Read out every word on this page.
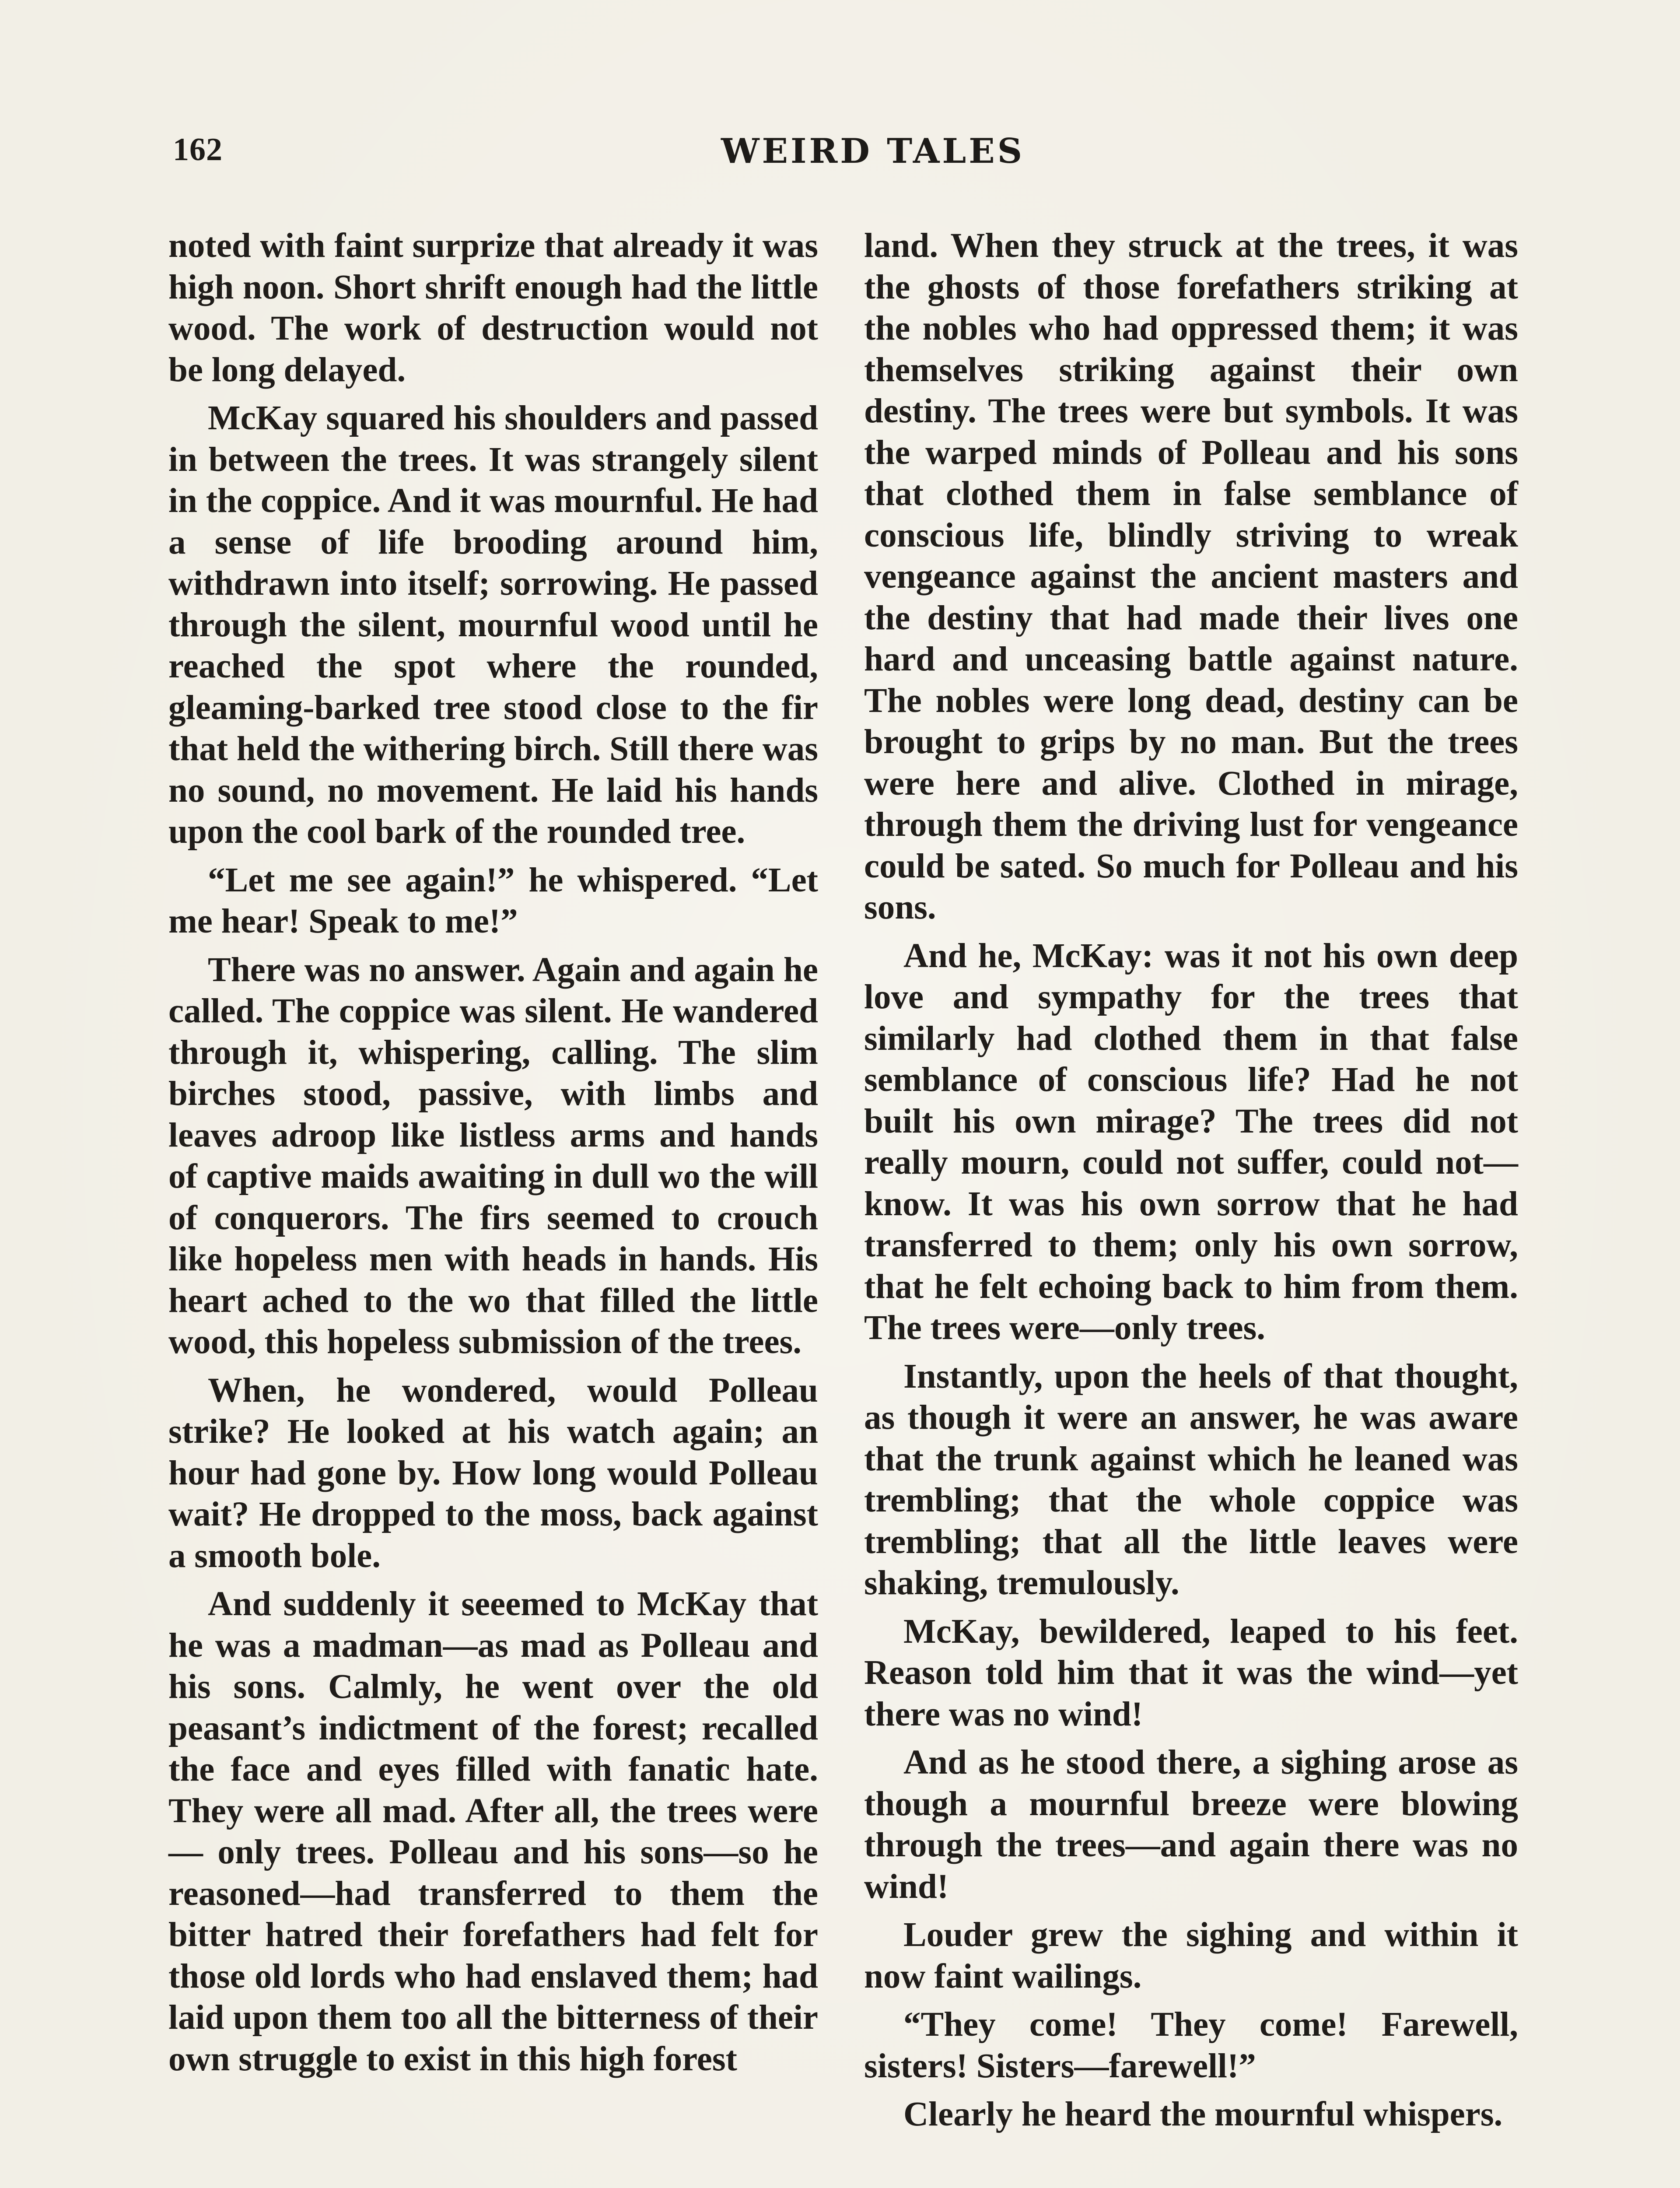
162	WEIRD TALES

noted with faint surprize that already it was high noon. Short shrift enough had the little wood. The work of destruction would not be long delayed.

McKay squared his shoulders and passed in between the trees. It was strangely silent in the coppice. And it was mournful. He had a sense of life brooding around him, withdrawn into itself; sorrowing. He passed through the silent, mournful wood until he reached the spot where the rounded, gleaming-barked tree stood close to the fir that held the withering birch. Still there was no sound, no movement. He laid his hands upon the cool bark of the rounded tree.

“Let me see again!” he whispered. “Let me hear! Speak to me!”

There was no answer. Again and again he called. The coppice was silent. He wandered through it, whispering, calling. The slim birches stood, passive, with limbs and leaves adroop like listless arms and hands of captive maids awaiting in dull wo the will of conquerors. The firs seemed to crouch like hopeless men with heads in hands. His heart ached to the wo that filled the little wood, this hopeless submission of the trees.

When, he wondered, would Polleau strike? He looked at his watch again; an hour had gone by. How long would Polleau wait? He dropped to the moss, back against a smooth bole.

And suddenly it seeemed to McKay that he was a madman—as mad as Polleau and his sons. Calmly, he went over the old peasant’s indictment of the forest; recalled the face and eyes filled with fanatic hate. They were all mad. After all, the trees were— only trees. Polleau and his sons—so he reasoned—had transferred to them the bitter hatred their forefathers had felt for those old lords who had enslaved them; had laid upon them too all the bitterness of their own struggle to exist in this high forest

land. When they struck at the trees, it was the ghosts of those forefathers striking at the nobles who had oppressed them; it was themselves striking against their own destiny. The trees were but symbols. It was the warped minds of Polleau and his sons that clothed them in false semblance of conscious life, blindly striving to wreak vengeance against the ancient masters and the destiny that had made their lives one hard and unceasing battle against nature. The nobles were long dead, destiny can be brought to grips by no man. But the trees were here and alive. Clothed in mirage, through them the driving lust for vengeance could be sated. So much for Polleau and his sons.

And he, McKay: was it not his own deep love and sympathy for the trees that similarly had clothed them in that false semblance of conscious life? Had he not built his own mirage? The trees did not really mourn, could not suffer, could not—know. It was his own sorrow that he had transferred to them; only his own sorrow, that he felt echoing back to him from them. The trees were—only trees.

Instantly, upon the heels of that thought, as though it were an answer, he was aware that the trunk against which he leaned was trembling; that the whole coppice was trembling; that all the little leaves were shaking, tremulously.

McKay, bewildered, leaped to his feet. Reason told him that it was the wind—yet there was no wind!

And as he stood there, a sighing arose as though a mournful breeze were blowing through the trees—and again there was no wind!

Louder grew the sighing and within it now faint wailings.

“They come! They come! Farewell, sisters! Sisters—farewell!”

Clearly he heard the mournful whispers.
